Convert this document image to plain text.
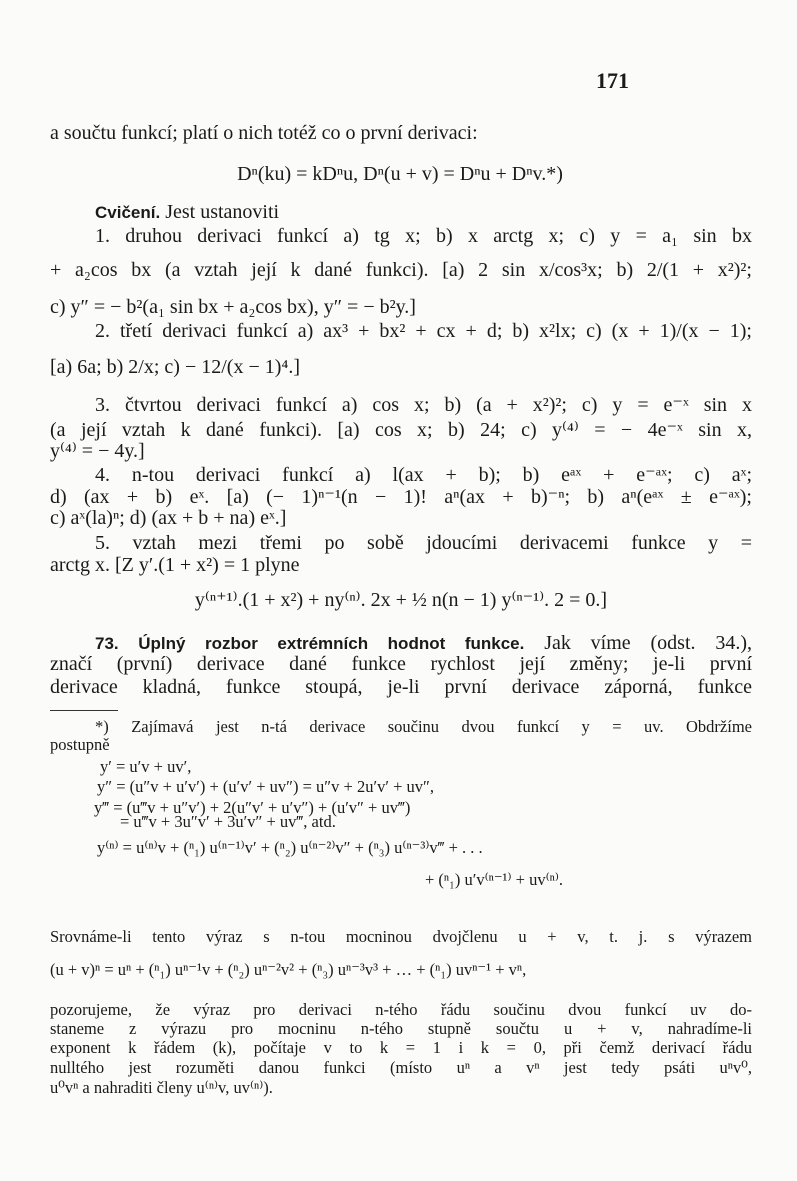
171
a součtu funkcí; platí o nich totéž co o první derivaci:
Dⁿ(ku) = kDⁿu, Dⁿ(u + v) = Dⁿu + Dⁿv.*)
Cvičení. Jest ustanoviti
1. druhou derivaci funkcí a) tg x; b) x arctg x; c) y = a₁ sin bx
+ a₂cos bx (a vztah její k dané funkci). [a) 2 sin x/cos³x; b) 2/(1 + x²)²;
c) y″ = − b²(a₁ sin bx + a₂cos bx), y″ = − b²y.]
2. třetí derivaci funkcí a) ax³ + bx² + cx + d; b) x²lx; c) (x + 1)/(x − 1);
[a) 6a; b) 2/x; c) − 12/(x − 1)⁴.]
3. čtvrtou derivaci funkcí a) cos x; b) (a + x²)²; c) y = e⁻ˣ sin x
(a její vztah k dané funkci). [a) cos x; b) 24; c) y⁽⁴⁾ = − 4e⁻ˣ sin x,
y⁽⁴⁾ = − 4y.]
4. n-tou derivaci funkcí a) l(ax + b); b) eᵃˣ + e⁻ᵃˣ; c) aˣ;
d) (ax + b) eˣ. [a) (− 1)ⁿ⁻¹(n − 1)! aⁿ(ax + b)⁻ⁿ; b) aⁿ(eᵃˣ ± e⁻ᵃˣ);
c) aˣ(la)ⁿ; d) (ax + b + na) eˣ.]
5. vztah mezi třemi po sobě jdoucími derivacemi funkce y =
arctg x. [Z y′.(1 + x²) = 1 plyne
y⁽ⁿ⁺¹⁾.(1 + x²) + ny⁽ⁿ⁾. 2x + ½ n(n − 1) y⁽ⁿ⁻¹⁾. 2 = 0.]
73. Úplný rozbor extrémních hodnot funkce. Jak víme (odst. 34.),
značí (první) derivace dané funkce rychlost její změny; je-li první
derivace kladná, funkce stoupá, je-li první derivace záporná, funkce
*) Zajímavá jest n-tá derivace součinu dvou funkcí y = uv. Obdržíme
postupně
y′ = u′v + uv′,
y″ = (u″v + u′v′) + (u′v′ + uv″) = u″v + 2u′v′ + uv″,
y‴ = (u‴v + u″v′) + 2(u″v′ + u′v″) + (u′v″ + uv‴)
= u‴v + 3u″v′ + 3u′v″ + uv‴, atd.
y⁽ⁿ⁾ = u⁽ⁿ⁾v + (ⁿ₁) u⁽ⁿ⁻¹⁾v′ + (ⁿ₂) u⁽ⁿ⁻²⁾v″ + (ⁿ₃) u⁽ⁿ⁻³⁾v‴ + . . .
+ (ⁿ₁) u′v⁽ⁿ⁻¹⁾ + uv⁽ⁿ⁾.
Srovnáme-li tento výraz s n-tou mocninou dvojčlenu u + v, t. j. s výrazem
(u + v)ⁿ = uⁿ + (ⁿ₁) uⁿ⁻¹v + (ⁿ₂) uⁿ⁻²v² + (ⁿ₃) uⁿ⁻³v³ + … + (ⁿ₁) uvⁿ⁻¹ + vⁿ,
pozorujeme, že výraz pro derivaci n-tého řádu součinu dvou funkcí uv do-
staneme z výrazu pro mocninu n-tého stupně součtu u + v, nahradíme-li
exponent k řádem (k), počítaje v to k = 1 i k = 0, při čemž derivací řádu
nulltého jest rozuměti danou funkci (místo uⁿ a vⁿ jest tedy psáti uⁿv⁰,
u⁰vⁿ a nahraditi členy u⁽ⁿ⁾v, uv⁽ⁿ⁾).
